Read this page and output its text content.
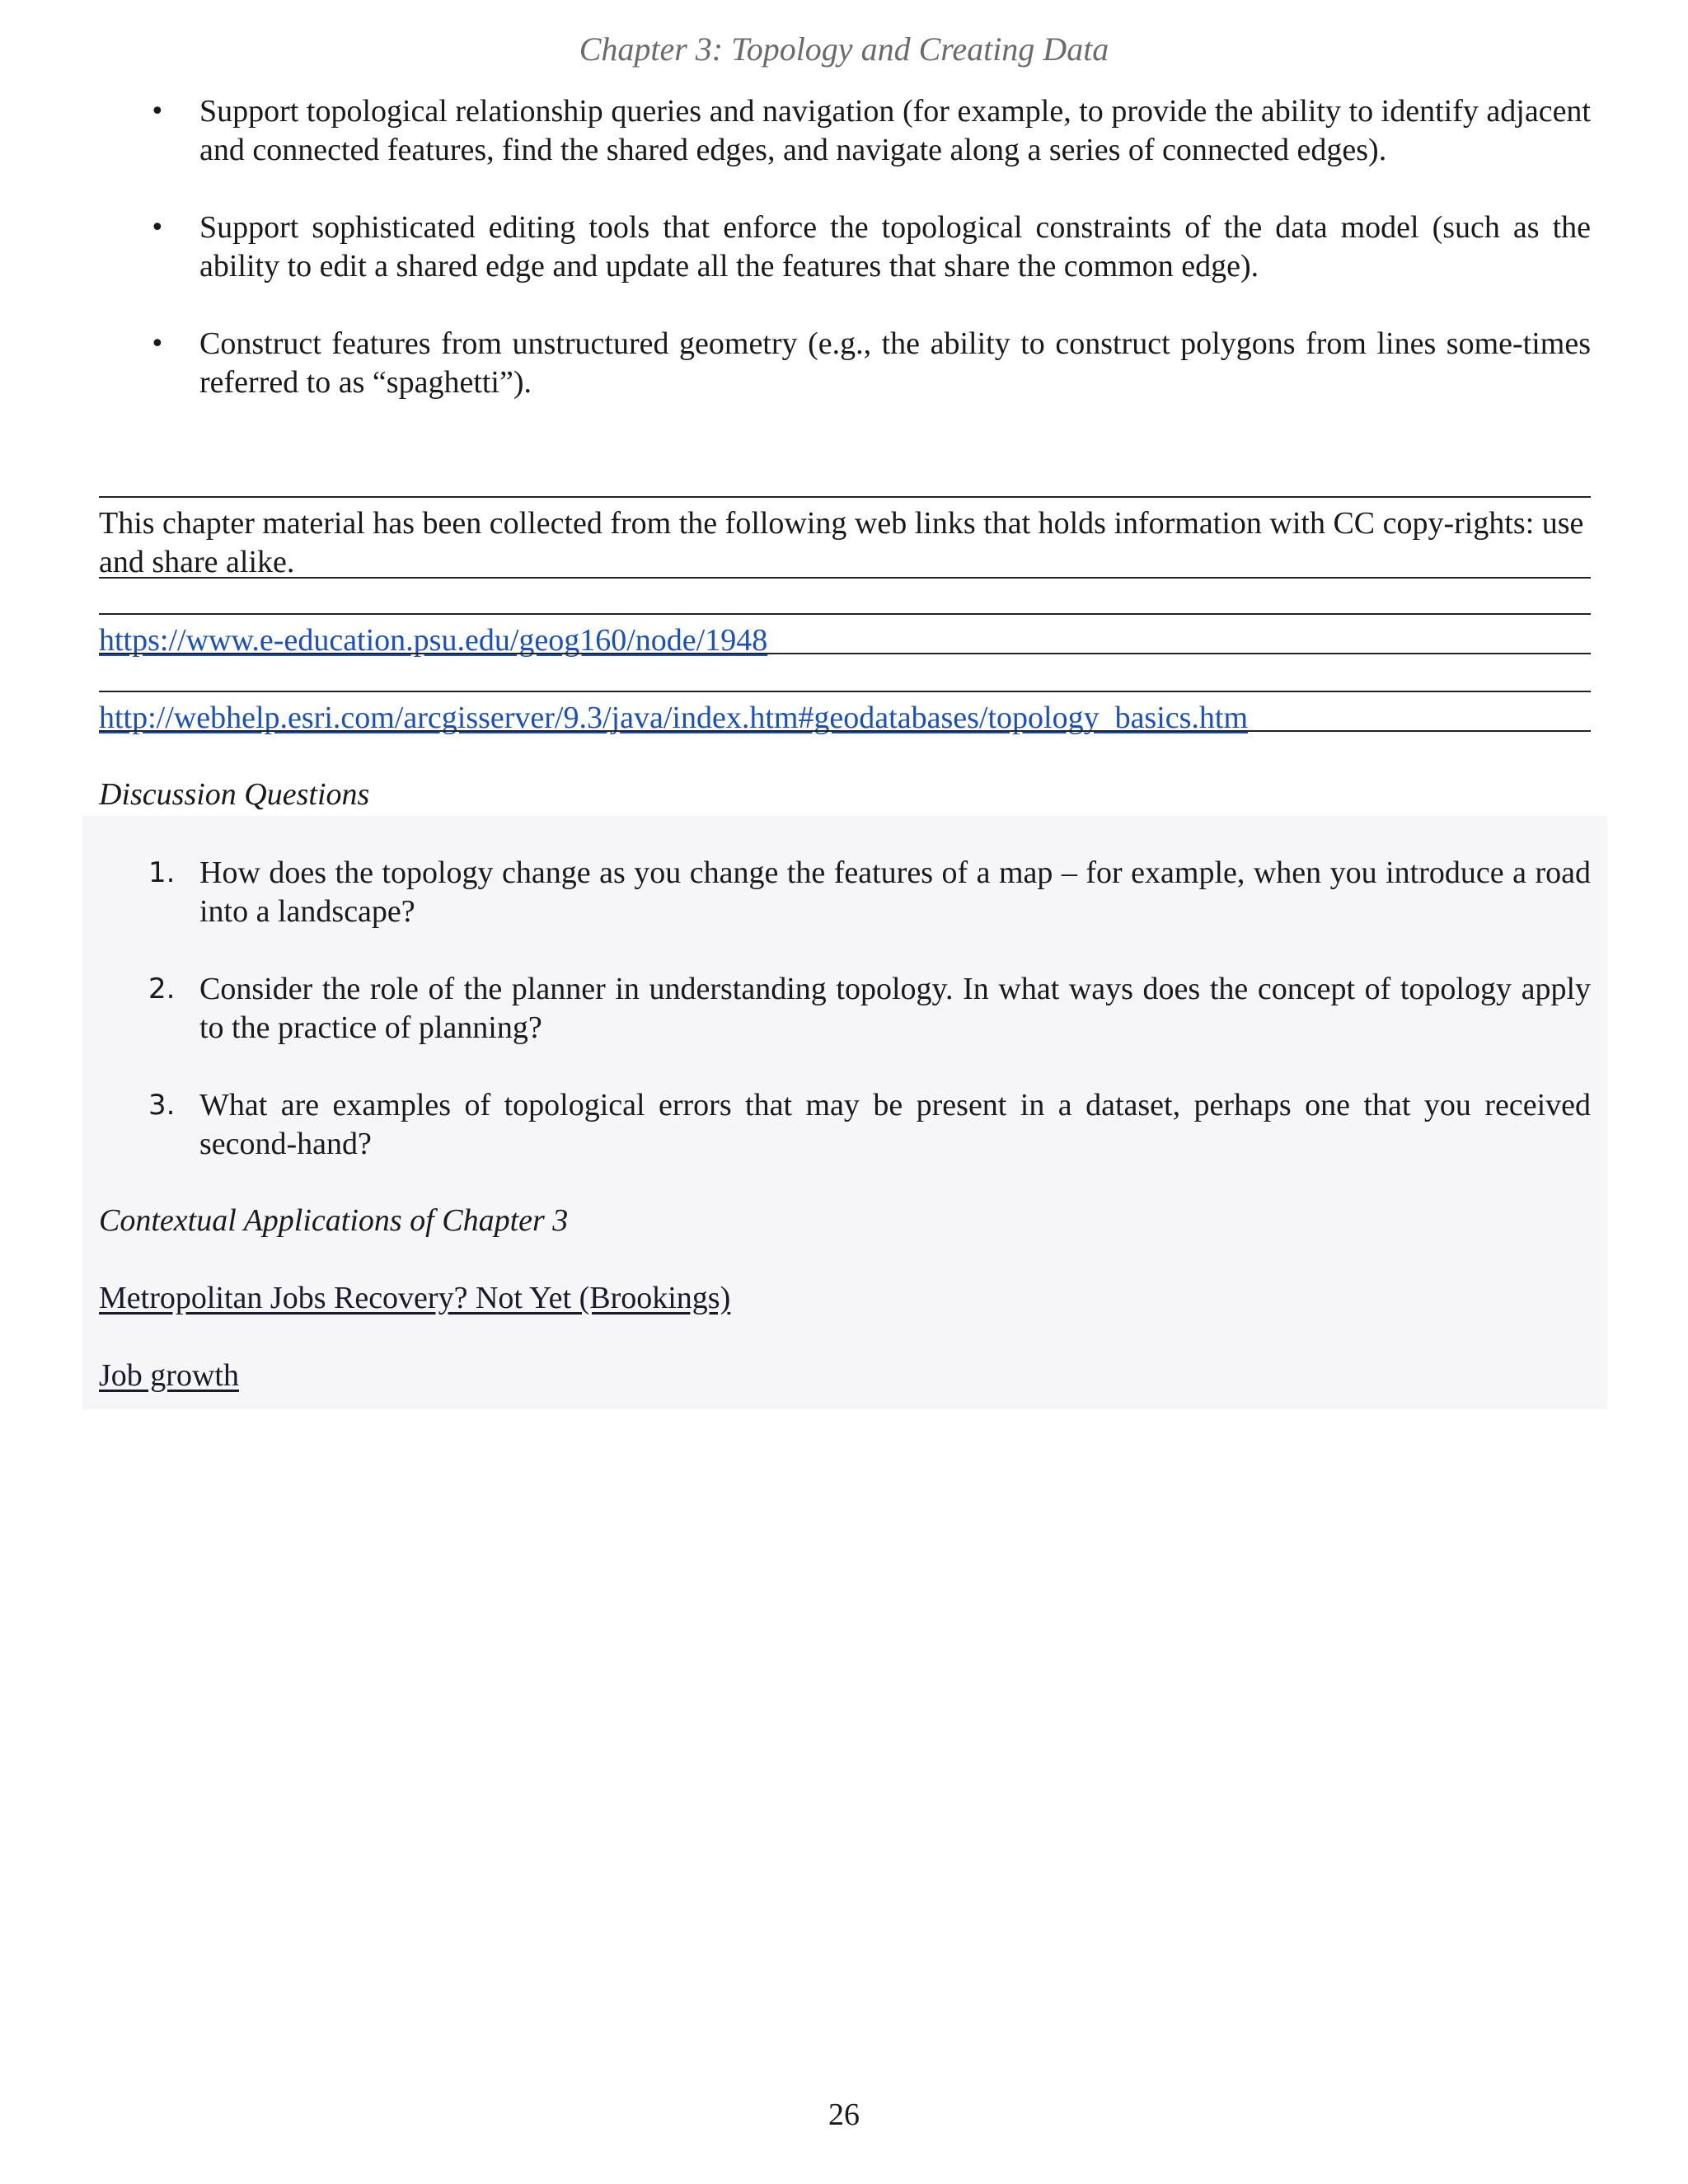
Chapter 3: Topology and Creating Data
• Support topological relationship queries and navigation (for example, to provide the ability to identify adjacent and connected features, find the shared edges, and navigate along a series of connected edges).
• Support sophisticated editing tools that enforce the topological constraints of the data model (such as the ability to edit a shared edge and update all the features that share the common edge).
• Construct features from unstructured geometry (e.g., the ability to construct polygons from lines some-times referred to as “spaghetti”).
This chapter material has been collected from the following web links that holds information with CC copy-rights: use and share alike.
https://www.e-education.psu.edu/geog160/node/1948
http://webhelp.esri.com/arcgisserver/9.3/java/index.htm#geodatabases/topology_basics.htm
Discussion Questions
1. How does the topology change as you change the features of a map – for example, when you introduce a road into a landscape?
2. Consider the role of the planner in understanding topology. In what ways does the concept of topology apply to the practice of planning?
3. What are examples of topological errors that may be present in a dataset, perhaps one that you received second-hand?
Contextual Applications of Chapter 3
Metropolitan Jobs Recovery? Not Yet (Brookings)
Job growth
26
